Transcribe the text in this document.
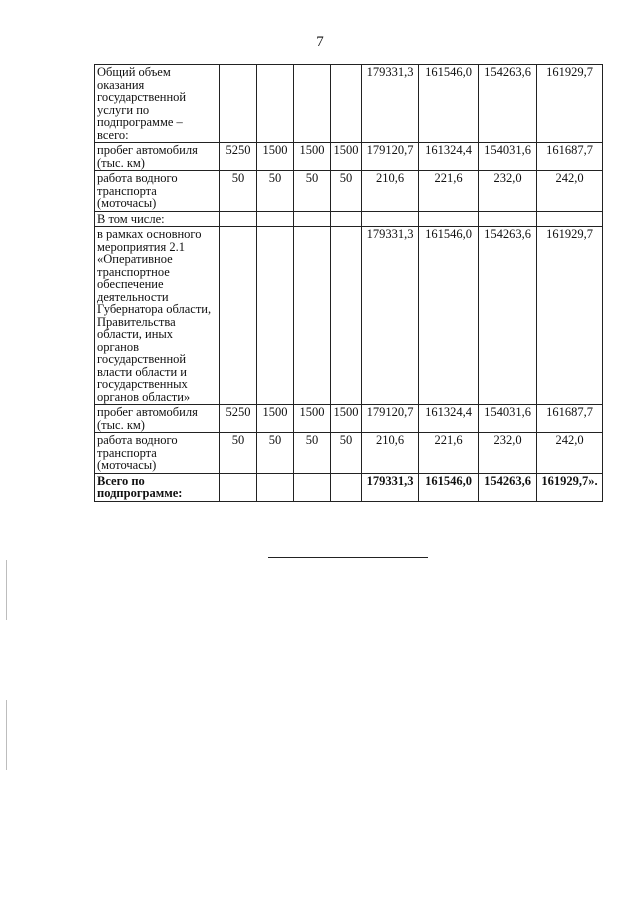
7
Общий объем оказания государственной услуги по подпрограмме – всего:					179331,3	161546,0	154263,6	161929,7
пробег автомобиля (тыс. км)	5250	1500	1500	1500	179120,7	161324,4	154031,6	161687,7
работа водного транспорта (моточасы)	50	50	50	50	210,6	221,6	232,0	242,0
В том числе:								
в рамках основного мероприятия 2.1 «Оперативное транспортное обеспечение деятельности Губернатора области, Правительства области, иных органов государственной власти области и государственных органов области»					179331,3	161546,0	154263,6	161929,7
пробег автомобиля (тыс. км)	5250	1500	1500	1500	179120,7	161324,4	154031,6	161687,7
работа водного транспорта (моточасы)	50	50	50	50	210,6	221,6	232,0	242,0
Всего по подпрограмме:					179331,3	161546,0	154263,6	161929,7».
